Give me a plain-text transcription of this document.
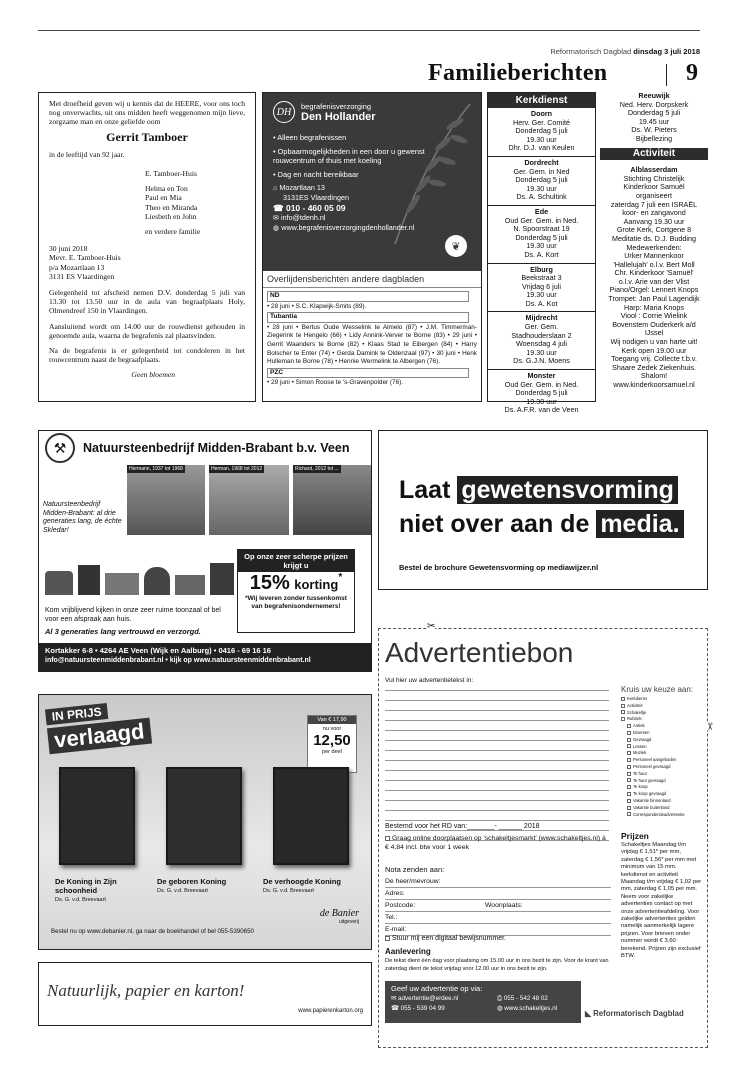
Reformatorisch Dagblad dinsdag 3 juli 2018
Familieberichten	9

Met droefheid geven wij u kennis dat de HEERE, voor ons toch nog onverwachts, uit ons midden heeft weggenomen mijn lieve, zorgzame man en onze geliefde oom

Gerrit Tamboer

in de leeftijd van 92 jaar.

E. Tamboer-Huis
Helma en Ton
Paul en Mia
Theo en Miranda
Liesbeth en John
en verdere familie
30 juni 2018
Mevr. E. Tamboer-Huis
p/a Mozartlaan 13
3131 ES Vlaardingen

Gelegenheid tot afscheid nemen D.V. donderdag 5 juli van 13.30 tot 13.50 uur in de aula van begraafplaats Holy, Olmendreef 150 in Vlaardingen.

Aansluitend wordt om 14.00 uur de rouwdienst gehouden in genoemde aula, waarna de begrafenis zal plaatsvinden.

Na de begrafenis is er gelegenheid tot condoleren in het rouwcentrum naast de begraafplaats.

Geen bloemen
DH
begrafenisverzorging
Den Hollander
• Alleen begrafenissen
• Opbaarmogelijkheden in een door u gewenst rouwcentrum of thuis met koeling
• Dag en nacht bereikbaar
⌂ Mozartlaan 13
3131ES Vlaardingen
☎ 010 - 460 05 09
✉ info@tdenh.nl
◍ www.begrafenisverzorgingdenhollander.nl
❦
Overlijdensberichten andere dagbladen
ND
• 28 juni • S.C. Klapwijk-Smits (89).
Tubantia
• 28 juni • Bertus Oude Wesselink te Almelo (87) • J.M. Timmerman-Ziegerink te Hengelo (66) • Lidy Annink-Verver te Borne (83) • 29 juni • Gerrit Waanders te Borne (82) • Klaas Stad te Eibergen (84) • Harry Bolscher te Enter (74) • Gerda Damink te Oldenzaal (97) • 30 juni • Henk Hulleman te Borne (78) • Hennie Wermelink te Albergen (76).
PZC
• 29 juni • Simon Roose te 's-Gravenpolder (76).
Kerkdienst
Doorn
Herv. Ger. Comité
Donderdag 5 juli
19.30 uur
Dhr. D.J. van Keulen
Dordrecht
Ger. Gem. in Ned
Donderdag 5 juli
19.30 uur
Ds. A. Schultink
Ede
Oud Ger. Gem. in Ned.
N. Spoorstraat 19
Donderdag 5 juli
19.30 uur
Ds. A. Kort
Elburg
Beekstraat 3
Vrijdag 6 juli
19.30 uur
Ds. A. Kot
Mijdrecht
Ger. Gem.
Stadhouderslaan 2
Woensdag 4 juli
19.30 uur
Ds. G.J.N. Moens
Monster
Oud Ger. Gem. in Ned.
Donderdag 5 juli
19.30 uur
Ds. A.F.R. van de Veen
Reeuwijk
Ned. Herv. Dorpskerk
Donderdag 5 juli
19.45 uur
Ds. W. Pieters
Bijbellezing
Activiteit
Alblasserdam
Stichting Christelijk
Kinderkoor Samuël
organiseert
zaterdag 7 juli een ISRAËL
koor- en zangavond
Aanvang 19.30 uur
Grote Kerk, Cortgene 8
Meditatie ds. D.J. Budding
Medewerkenden:
Urker Mannenkoor
'Hallelujah' o.l.v. Bert Moll
Chr. Kinderkoor 'Samuël'
o.l.v. Arie van der Vlist
Piano/Orgel: Lennert Knops
Trompet: Jan Paul Lagendijk
Harp: Maria Knops
Viool : Corrie Wielink
Bovenstem Ouderkerk a/d
IJssel
Wij nodigen u van harte uit!
Kerk open 19.00 uur
Toegang vrij. Collecte t.b.v.
Shaare Zedek Ziekenhuis.
Shalom!
www.kinderkoorsamuel.nl
⚒	Natuursteenbedrijf Midden-Brabant b.v. Veen
Hermann, 1937 tot 1968	Herman, 1968 tot 2012	Richard, 2012 tot ...
Natuursteenbedrijf Midden-Brabant: al drie generaties lang, de échte Skledar!
Op onze zeer scherpe prijzen krijgt u
15% korting*
*Wij leveren zonder tussenkomst van begrafenisondernemers!
Kom vrijblijvend kijken in onze zeer ruime toonzaal of bel voor een afspraak aan huis.
Al 3 generaties lang vertrouwd en verzorgd.
Kortakker 6-8 • 4264 AE Veen (Wijk en Aalburg) • 0416 - 69 16 16
info@natuursteenmiddenbrabant.nl • kijk op www.natuursteenmiddenbrabant.nl
Laat gewetensvorming
niet over aan de media.
Bestel de brochure Gewetensvorming op mediawijzer.nl
✂
✂
Advertentiebon
Vul hier uw advertentietekst in:
Kruis uw keuze aan:
Kerkdienst
Activiteit
Schakeltje
Rubriek:
Antiek
Diversen
Gevraagd
Lessen
Muziek
Personeel aangeboden
Personeel gevraagd
Te huur
Te huur gevraagd
Te koop
Te koop gevraagd
Vakantie binnenland
Vakantie buitenland
Correspondentieadvertentie
Bestemd voor het RD van:_______- ______ 2018
Graag online doorplaatsen op 'schakeltjesmarkt' (www.schakeltjes.nl) à € 4,84 incl. btw voor 1 week
Nota zenden aan:
De heer/mevrouw:
Adres:
Postcode:	Woonplaats:
Tel.:
E-mail:
Stuur mij een digitaal bewijsnummer.
Aanlevering
De tekst dient één dag voor plaatsing om 15.00 uur in ons bezit te zijn. Voor de krant van zaterdag dient de tekst vrijdag voor 12.00 uur in ons bezit te zijn.
Prijzen
Schakeltjes Maandag t/m vrijdag € 1,51* per mm, zaterdag € 1,56* per mm met minimum van 15 mm. kerkdienst en activiteit Maandag t/m vrijdag € 1,02 per mm, zaterdag € 1,05 per mm. Neem voor zakelijke advertenties contact op met onze advertentieafdeling. Voor zakelijke advertenties gelden namelijk aanmerkelijk lagere prijzen. Voor brieven onder nummer wordt € 3,60 berekend. Prijzen zijn exclusief BTW.
Geef uw advertentie op via:
✉ advertentie@erdee.nl	⎙ 055 - 542 48 02
☎ 055 - 539 04 99	◍ www.schakeltjes.nl
◣ Reformatorisch Dagblad
IN PRIJS
verlaagd	Van € 17,90
nu voor
12,50
per deel
De Koning in Zijn schoonheid
Ds. G. v.d. Breevaart
De geboren Koning
Ds. G. v.d. Breevaart
De verhoogde Koning
Ds. G. v.d. Breevaart
Bestel nu op www.debanier.nl, ga naar de boekhandel of bel 055-5390650
de Banier
uitgeverij
Natuurlijk, papier en karton!
www.papierenkarton.org
